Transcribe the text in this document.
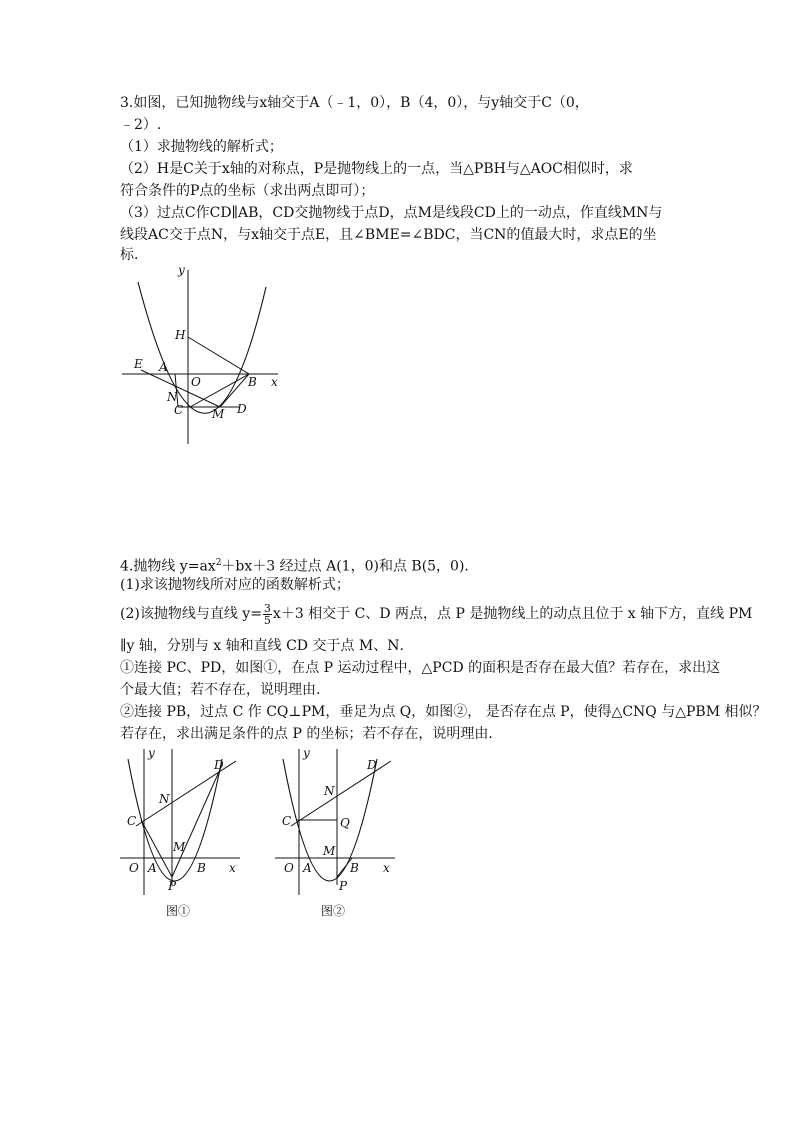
3.如图，已知抛物线与x轴交于A（﹣1，0），B（4，0），与y轴交于C（0，
﹣2）.
（1）求抛物线的解析式；
（2）H是C关于x轴的对称点，P是抛物线上的一点，当△PBH与△AOC相似时，求
符合条件的P点的坐标（求出两点即可）；
（3）过点C作CD∥AB，CD交抛物线于点D，点M是线段CD上的一动点，作直线MN与
线段AC交于点N，与x轴交于点E，且∠BME=∠BDC，当CN的值最大时，求点E的坐
标．
y
x
H
E A
O	B
N
C M D
4.抛物线 $y=ax^2+bx+3$ 经过点 A(1，0)和点 B(5，0)．
(1)求该抛物线所对应的函数解析式；
(2)该抛物线与直线 $y= \frac{3}{5} x+3$ 相交于 C、D 两点，点 P 是抛物线上的动点且位于 x 轴下方，直线 PM
∥y 轴，分别与 x 轴和直线 CD 交于点 M、N．
①连接 PC、PD，如图①，在点 P 运动过程中，△PCD 的面积是否存在最大值？若存在，求出这
个最大值；若不存在，说明理由．
②连接 PB，过点 C 作 CQ⊥PM，垂足为点 Q，如图②， 是否存在点 P，使得△CNQ 与△PBM 相似？
若存在，求出满足条件的点 P 的坐标；若不存在，说明理由．
y
D
N
C
M
O A	B x
P
图①
y
D
N
C	Q
M
O A	B x
P
图②
